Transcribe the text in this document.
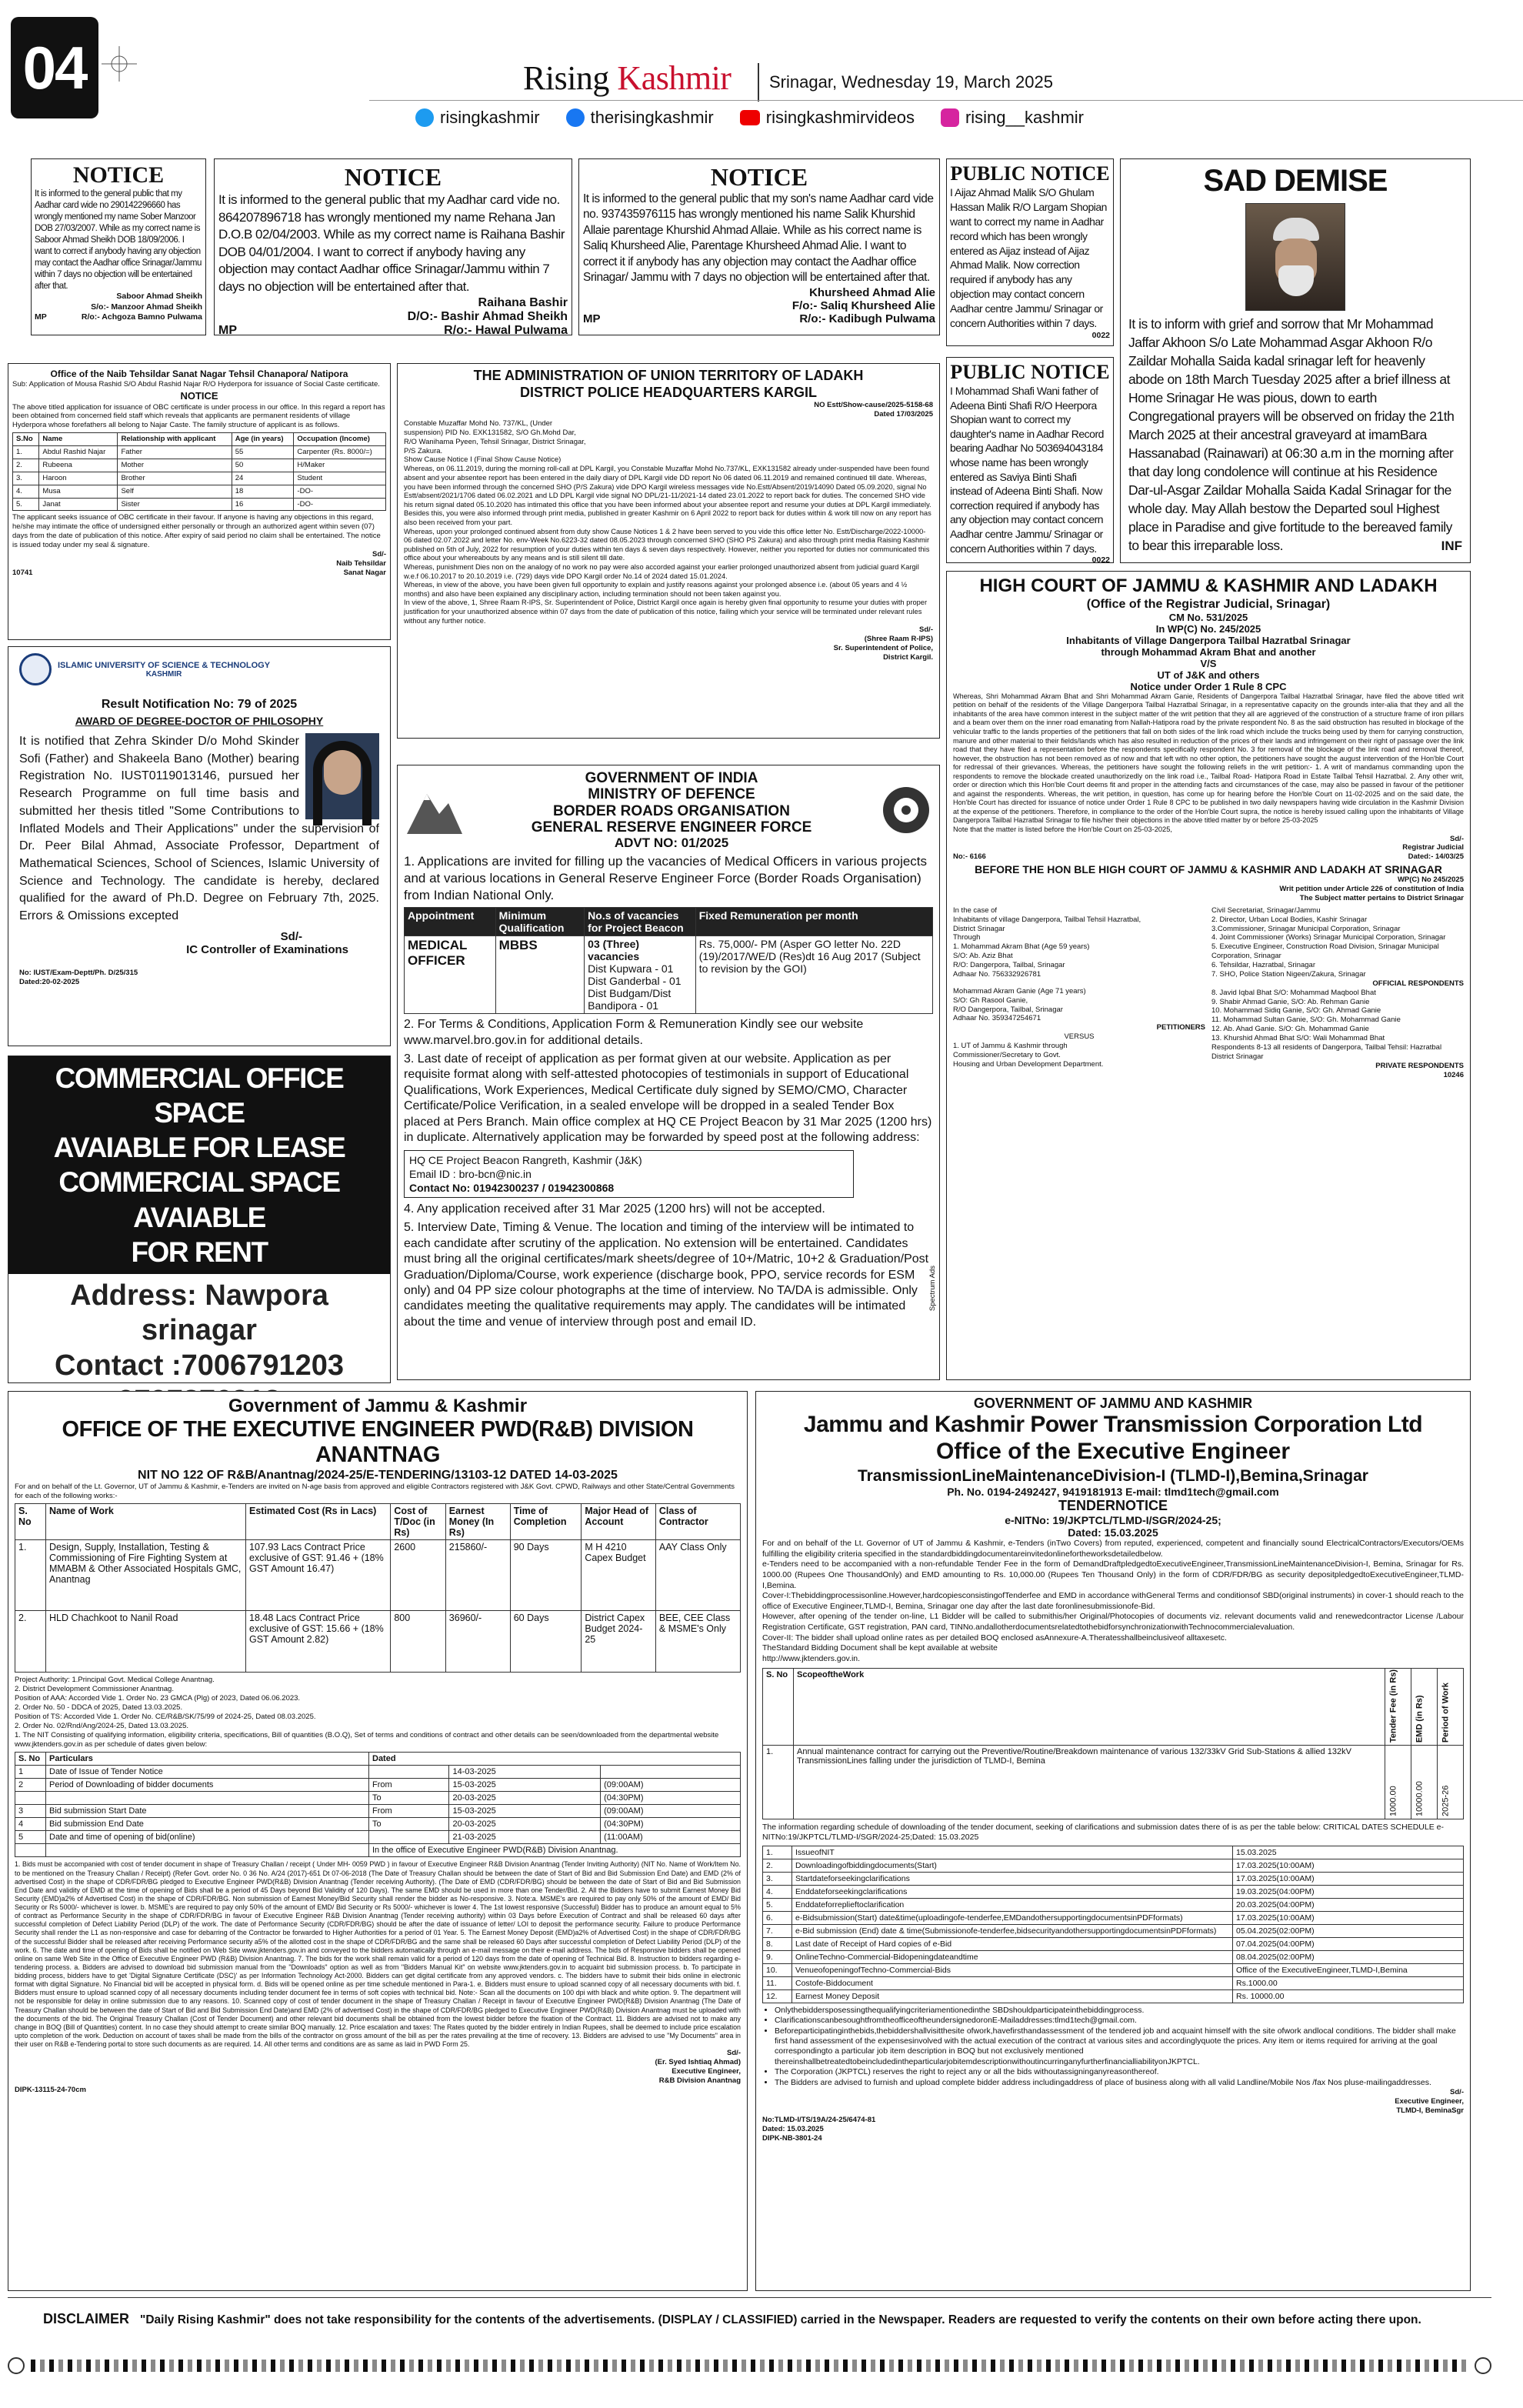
04	Rising Kashmir Srinagar, Wednesday 19, March 2025
risingkashmir	therisingkashmir	risingkashmirvideos	rising__kashmir
NOTICE
It is informed to the general public that my Aadhar card wide no 290142296660 has wrongly mentioned my name Sober Manzoor DOB 27/03/2007. While as my correct name is Saboor Ahmad Sheikh DOB 18/09/2006. I want to correct if anybody having any objection may contact the Aadhar office Srinagar/Jammu within 7 days no objection will be entertained after that.
Saboor Ahmad Sheikh
S/o:- Manzoor Ahmad Sheikh
MP	R/o:- Achgoza Bamno Pulwama
NOTICE
It is informed to the general public that my Aadhar card vide no. 864207896718 has wrongly mentioned my name Rehana Jan D.O.B 02/04/2003. While as my correct name is Raihana Bashir DOB 04/01/2004. I want to correct if anybody having any objection may contact Aadhar office Srinagar/Jammu within 7 days no objection will be entertained after that.
Raihana Bashir
D/O:- Bashir Ahmad Sheikh
MP	R/o:- Hawal Pulwama
NOTICE
It is informed to the general public that my son's name Aadhar card vide no. 937435976115 has wrongly mentioned his name Salik Khurshid Allaie parentage Khurshid Ahmad Allaie. While as his correct name is Saliq Khursheed Alie, Parentage Khursheed Ahmad Alie. I want to correct it if anybody has any objection may contact the Aadhar office Srinagar/ Jammu with 7 days no objection will be entertained after that.
Khursheed Ahmad Alie
F/o:- Saliq Khursheed Alie
MP	R/o:- Kadibugh Pulwama
PUBLIC NOTICE
I Aijaz Ahmad Malik S/O Ghulam Hassan Malik R/O Largam Shopian want to correct my name in Aadhar record which has been wrongly entered as Aijaz instead of Aijaz Ahmad Malik. Now correction required if anybody has any objection may contact concern Aadhar centre Jammu/ Srinagar or concern Authorities within 7 days.
0022
PUBLIC NOTICE
I Mohammad Shafi Wani father of Adeena Binti Shafi R/O Heerpora Shopian want to correct my daughter's name in Aadhar Record bearing Aadhar No 503694043184 whose name has been wrongly entered as Saviya Binti Shafi instead of Adeena Binti Shafi. Now correction required if anybody has any objection may contact concern Aadhar centre Jammu/ Srinagar or concern Authorities within 7 days.
0022
SAD DEMISE
It is to inform with grief and sorrow that Mr Mohammad Jaffar Akhoon S/o Late Mohammad Asgar Akhoon R/o Zaildar Mohalla Saida kadal srinagar left for heavenly abode on 18th March Tuesday 2025 after a brief illness at Home Srinagar He was pious, down to earth Congregational prayers will be observed on friday the 21th March 2025 at their ancestral graveyard at imamBara Hassanabad (Rainawari) at 06:30 a.m in the morning after that day long condolence will continue at his Residence Dar-ul-Asgar Zaildar Mohalla Saida Kadal Srinagar for the whole day. May Allah bestow the Departed soul Highest place in Paradise and give fortitude to the bereaved family to bear this irreparable loss.	INF
Office of the Naib Tehsildar Sanat Nagar Tehsil Chanapora/ Natipora
Sub: Application of Mousa Rashid S/O Abdul Rashid Najar R/O Hyderpora for issuance of Social Caste certificate.
NOTICE
The above titled application for issuance of OBC certificate is under process in our office. In this regard a report has been obtained from concerned field staff which reveals that applicants are permanent residents of village Hyderpora whose forefathers all belong to Najar Caste. The family structure of applicant is as follows.
S.No	Name	Relationship with applicant	Age (in years)	Occupation (Income)
1.	Abdul Rashid Najar	Father	55	Carpenter (Rs. 8000/=)
2.	Rubeena	Mother	50	H/Maker
3.	Haroon	Brother	24	Student
4.	Musa	Self	18	-DO-
5.	Janat	Sister	16	-DO-
The applicant seeks issuance of OBC certificate in their favour. If anyone is having any objections in this regard, he/she may intimate the office of undersigned either personally or through an authorized agent within seven (07) days from the date of publication of this notice. After expiry of said period no claim shall be entertained. The notice is issued today under my seal & signature.
Sd/-
Naib Tehsildar
10741	Sanat Nagar
ISLAMIC UNIVERSITY OF SCIENCE & TECHNOLOGY
KASHMIR
Result Notification No: 79 of 2025
AWARD OF DEGREE-DOCTOR OF PHILOSOPHY
It is notified that Zehra Skinder D/o Mohd Skinder Sofi (Father) and Shakeela Bano (Mother) bearing Registration No. IUST0119013146, pursued her Research Programme on full time basis and submitted her thesis titled "Some Contributions to Inflated Models and Their Applications" under the supervision of Dr. Peer Bilal Ahmad, Associate Professor, Department of Mathematical Sciences, School of Sciences, Islamic University of Science and Technology. The candidate is hereby, declared qualified for the award of Ph.D. Degree on February 7th, 2025. Errors & Omissions excepted
Sd/-
IC Controller of Examinations
No: IUST/Exam-Deptt/Ph. D/25/315
Dated:20-02-2025
COMMERCIAL OFFICE SPACE
AVAIABLE FOR LEASE
COMMERCIAL SPACE AVAIABLE
FOR RENT
Address: Nawpora
srinagar
Contact :7006791203
THE ADMINISTRATION OF UNION TERRITORY OF LADAKH
DISTRICT POLICE HEADQUARTERS KARGIL
NO Estt/Show-cause/2025-5158-68
Dated 17/03/2025
Constable Muzaffar Mohd No. 737/KL, (Under suspension) PID No. EXK131582, S/O Gh.Mohd Dar, R/O Wanihama Pyeen, Tehsil Srinagar, District Srinagar, P/S Zakura.
Show Cause Notice I (Final Show Cause Notice)
Whereas, on 06.11.2019, during the morning roll-call at DPL Kargil, you Constable Muzaffar Mohd No.737/KL, EXK131582 already under-suspended have been found absent and your absentee report has been entered in the daily diary of DPL Kargil vide DD report No 06 dated 06.11.2019 and remained continued till date. Whereas, you have been informed through the concerned SHO (P/S Zakura) vide DPO Kargil wireless messages vide No.Estt/Absent/2019/14090 Dated 05.09.2020, signal No Estt/absent/2021/1706 dated 06.02.2021 and LD DPL Kargil vide signal NO DPL/21-11/2021-14 dated 23.01.2022 to report back for duties. The concerned SHO vide his return signal dated 05.10.2020 has intimated this office that you have been informed about your absentee report and resume your duties at DPL Kargil immediately. Besides this, you were also informed through print media, published in greater Kashmir on 6 April 2022 to report back for duties within & work till now on any report has also been received from your part.
Whereas, upon your prolonged continued absent from duty show Cause Notices 1 & 2 have been served to you vide this office letter No. Estt/Discharge/2022-10000-06 dated 02.07.2022 and letter No. env-Week No.6223-32 dated 08.05.2023 through concerned SHO (SHO PS Zakura) and also through print media Raising Kashmir published on 5th of July, 2022 for resumption of your duties within ten days & seven days respectively. However, neither you reported for duties nor communicated this office about your whereabouts by any means and is still silent till date.
Whereas, punishment Dies non on the analogy of no work no pay were also accorded against your earlier prolonged unauthorized absent from judicial guard Kargil w.e.f 06.10.2017 to 20.10.2019 i.e. (729) days vide DPO Kargil order No.14 of 2024 dated 15.01.2024.
Whereas, in view of the above, you have been given full opportunity to explain and justify reasons against your prolonged absence i.e. (about 05 years and 4 ½ months) and also have been explained any disciplinary action, including termination should not been taken against you.
In view of the above, 1, Shree Raam R-IPS, Sr. Superintendent of Police, District Kargil once again is hereby given final opportunity to resume your duties with proper justification for your unauthorized absence within 07 days from the date of publication of this notice, failing which your service will be terminated under relevant rules without any further notice.
Sd/-
(Shree Raam R-IPS)
Sr. Superintendent of Police,
District Kargil.
GOVERNMENT OF INDIA
MINISTRY OF DEFENCE
BORDER ROADS ORGANISATION
GENERAL RESERVE ENGINEER FORCE
ADVT NO: 01/2025
1. Applications are invited for filling up the vacancies of Medical Officers in various projects and at various locations in General Reserve Engineer Force (Border Roads Organisation) from Indian National Only.
Appointment	Minimum Qualification	No.s of vacancies for Project Beacon	Fixed Remuneration per month
MEDICAL OFFICER	MBBS	03 (Three) vacancies
Dist Kupwara - 01
Dist Ganderbal - 01
Dist Budgam/Dist Bandipora - 01	Rs. 75,000/- PM (Asper GO letter No. 22D (19)/2017/WE/D (Res)dt 16 Aug 2017 (Subject to revision by the GOI)
2. For Terms & Conditions, Application Form & Remuneration Kindly see our website www.marvel.bro.gov.in for additional details.
3. Last date of receipt of application as per format given at our website. Application as per requisite format along with self-attested photocopies of testimonials in support of Educational Qualifications, Work Experiences, Medical Certificate duly signed by SEMO/CMO, Character Certificate/Police Verification, in a sealed envelope will be dropped in a sealed Tender Box placed at Pers Branch. Main office complex at HQ CE Project Beacon by 31 Mar 2025 (1200 hrs) in duplicate. Alternatively application may be forwarded by speed post at the following address:
HQ CE Project Beacon Rangreth, Kashmir (J&K)
Email ID : bro-bcn@nic.in
Contact No: 01942300237 / 01942300868
4. Any application received after 31 Mar 2025 (1200 hrs) will not be accepted.
5. Interview Date, Timing & Venue. The location and timing of the interview will be intimated to each candidate after scrutiny of the application. No extension will be entertained. Candidates must bring all the original certificates/mark sheets/degree of 10+/Matric, 10+2 & Graduation/Post Graduation/Diploma/Course, work experience (discharge book, PPO, service records for ESM only) and 04 PP size colour photographs at the time of interview. No TA/DA is admissible. Only candidates meeting the qualitative requirements may apply. The candidates will be intimated about the time and venue of interview through post and email ID.
Spectrum Ads
HIGH COURT OF JAMMU & KASHMIR AND LADAKH
(Office of the Registrar Judicial, Srinagar)
CM No. 531/2025
In WP(C) No. 245/2025
Inhabitants of Village Dangerpora Tailbal Hazratbal Srinagar
through Mohammad Akram Bhat and another
V/S
UT of J&K and others
Notice under Order 1 Rule 8 CPC
Whereas, Shri Mohammad Akram Bhat and Shri Mohammad Akram Ganie, Residents of Dangerpora Tailbal Hazratbal Srinagar, have filed the above titled writ petition on behalf of the residents of the Village Dangerpora Tailbal Hazratbal Srinagar, in a representative capacity on the grounds inter-alia that they and all the inhabitants of the area have common interest in the subject matter of the writ petition that they all are aggrieved of the construction of a structure frame of iron pillars and a beam over them on the inner road emanating from Nallah-Hatipora road by the private respondent No. 8 as the said obstruction has resulted in blockage of the vehicular traffic to the lands properties of the petitioners that fall on both sides of the link road which include the trucks being used by them for carrying construction, manure and other material to their fields/lands which has also resulted in reduction of the prices of their lands and infringement on their right of passage over the link road that they have filed a representation before the respondents specifically respondent No. 3 for removal of the blockage of the link road and removal thereof, however, the obstruction has not been removed as of now and that left with no other option, the petitioners have sought the august intervention of the Hon'ble Court for redressal of their grievances. Whereas, the petitioners have sought the following reliefs in the writ petition:- 1. A writ of mandamus commanding upon the respondents to remove the blockade created unauthorizedly on the link road i.e., Tailbal Road- Hatipora Road in Estate Tailbal Tehsil Hazratbal. 2. Any other writ, order or direction which this Hon'ble Court deems fit and proper in the attending facts and circumstances of the case, may also be passed in favour of the petitioner and against the respondents. Whereas, the writ petition, in question, has come up for hearing before the Hon'ble Court on 11-02-2025 and on the said date, the Hon'ble Court has directed for issuance of notice under Order 1 Rule 8 CPC to be published in two daily newspapers having wide circulation in the Kashmir Division at the expense of the petitioners. Therefore, in compliance to the order of the Hon'ble Court supra, the notice is hereby issued calling upon the inhabitants of Village Dangerpora Tailbal Hazratbal Srinagar to file his/her their objections in the above titled matter by or before 25-03-2025
Note that the matter is listed before the Hon'ble Court on 25-03-2025,
Sd/-
Registrar Judicial
No:- 6166	Dated:- 14/03/25
BEFORE THE HON BLE HIGH COURT OF JAMMU & KASHMIR AND LADAKH AT SRINAGAR
WP(C) No 245/2025
Writ petition under Article 226 of constitution of India
The Subject matter pertains to District Srinagar
In the case of
Inhabitants of village Dangerpora, Tailbal Tehsil Hazratbal,
District Srinagar
Through
1. Mohammad Akram Bhat (Age 59 years)
S/O: Ab. Aziz Bhat
R/O: Dangerpora, Tailbal, Srinagar
Adhaar No. 756332926781
Mohammad Akram Ganie (Age 71 years)
S/O: Gh Rasool Ganie,
R/O Dangerpora, Tailbal, Srinagar
Adhaar No. 359347254671
PETITIONERS
VERSUS
1. UT of Jammu & Kashmir through
Commissioner/Secretary to Govt.
Housing and Urban Development Department.
Civil Secretariat, Srinagar/Jammu
2. Director, Urban Local Bodies, Kashir Srinagar
3.Commissioner, Srinagar Municipal Corporation, Srinagar
4. Joint Commissioner (Works) Srinagar Municipal Corporation, Srinagar
5. Executive Engineer, Construction Road Division, Srinagar Municipal Corporation, Srinagar
6. Tehsildar, Hazratbal, Srinagar
7. SHO, Police Station Nigeen/Zakura, Srinagar
OFFICIAL RESPONDENTS
8. Javid Iqbal Bhat S/O: Mohammad Maqbool Bhat
9. Shabir Ahmad Ganie, S/O: Ab. Rehman Ganie
10. Mohammad Sidiq Ganie, S/O: Gh. Ahmad Ganie
11. Mohammad Sultan Ganie, S/O: Gh. Mohammad Ganie
12. Ab. Ahad Ganie. S/O: Gh. Mohammad Ganie
13. Khurshid Ahmad Bhat S/O: Wali Mohammad Bhat
Respondents 8-13 all residents of Dangerpora, Tailbal Tehsil: Hazratbal
District Srinagar
PRIVATE RESPONDENTS
10246
Government of Jammu & Kashmir
OFFICE OF THE EXECUTIVE ENGINEER PWD(R&B) DIVISION ANANTNAG
NIT NO 122 OF R&B/Anantnag/2024-25/E-TENDERING/13103-12 DATED 14-03-2025
For and on behalf of the Lt. Governor, UT of Jammu & Kashmir, e-Tenders are invited on N-age basis from approved and eligible Contractors registered with J&K Govt. CPWD, Railways and other State/Central Governments for each of the following works:-
S. No	Name of Work	Estimated Cost (Rs in Lacs)	Cost of T/Doc (in Rs)	Earnest Money (In Rs)	Time of Completion	Major Head of Account	Class of Contractor
1.	Design, Supply, Installation, Testing & Commissioning of Fire Fighting System at MMABM & Other Associated Hospitals GMC, Anantnag	107.93 Lacs Contract Price exclusive of GST: 91.46 + (18% GST Amount 16.47)	2600	215860/-	90 Days	M H 4210 Capex Budget	AAY Class Only
2.	HLD Chachkoot to Nanil Road	18.48 Lacs Contract Price exclusive of GST: 15.66 + (18% GST Amount 2.82)	800	36960/-	60 Days	District Capex Budget 2024-25	BEE, CEE Class & MSME's Only
Project Authority: 1.Principal Govt. Medical College Anantnag.
2. District Development Commissioner Anantnag.
Position of AAA: Accorded Vide 1. Order No. 23 GMCA (Plg) of 2023, Dated 06.06.2023.
2. Order No. 50 - DDCA of 2025, Dated 13.03.2025.
Position of TS: Accorded Vide 1. Order No. CE/R&B/SK/75/99 of 2024-25, Dated 08.03.2025.
2. Order No. 02/Rnd/Ang/2024-25, Dated 13.03.2025.
1. The NIT Consisting of qualifying information, eligibility criteria, specifications, Bill of quantities (B.O.Q), Set of terms and conditions of contract and other details can be seen/downloaded from the departmental website www.jktenders.gov.in as per schedule of dates given below:
S. No	Particulars	Dated		
1	Date of Issue of Tender Notice		14-03-2025	
2	Period of Downloading of bidder documents	From	15-03-2025	(09:00AM)
		To	20-03-2025	(04:30PM)
3	Bid submission Start Date	From	15-03-2025	(09:00AM)
4	Bid submission End Date	To	20-03-2025	(04:30PM)
5	Date and time of opening of bid(online)		21-03-2025	(11:00AM)
		In the office of Executive Engineer PWD(R&B) Division Anantnag.		
1. Bids must be accompanied with cost of tender document in shape of Treasury Challan / receipt ( Under MH- 0059 PWD ) in favour of Executive Engineer R&B Division Anantnag (Tender Inviting Authority) (NIT No. Name of Work/Item No. to be mentioned on the Treasury Challan / Receipt) (Refer Govt. order No. 0 36 No. A/24 (2017)-651 Dt 07-06-2018 (The Date of Treasury Challan should be between the date of Start of Bid and Bid Submission End Date) and EMD (2% of advertised Cost) in the shape of CDR/FDR/BG pledged to Executive Engineer PWD(R&B) Division Anantnag (Tender receiving Authority). (The Date of EMD (CDR/FDR/BG) should be between the date of Start of Bid and Bid Submission End Date and validity of EMD at the time of opening of Bids shall be a period of 45 Days beyond Bid Validity of 120 Days). The same EMD should be used in more than one Tender/Bid. 2. All the Bidders have to submit Earnest Money Bid Security (EMD)a2% of Advertised Cost) in the shape of CDR/FDR/BG. Non submission of Earnest Money/Bid Security shall render the bidder as No-responsive. 3. Note:a. MSME's are required to pay only 50% of the amount of EMD/ Bid Security or Rs 5000/- whichever is lower. b. MSME's are required to pay only 50% of the amount of EMD/ Bid Security or Rs 5000/- whichever is lower 4. The 1st lowest responsive (Successful) Bidder has to produce an amount equal to 5% of contract as Performance Security in the shape of CDR/FDR/BG in favour of Executive Engineer R&B Division Anantnag (Tender receiving authority) within 03 Days before Execution of Contract and shall be released 60 days after successful completion of Defect Liability Period (DLP) of the work. The date of Performance Security (CDR/FDR/BG) should be after the date of issuance of letter/ LOI to deposit the performance security. Failure to produce Performance Security shall render the L1 as non-responsive and case for debarring of the Contractor be forwarded to Higher Authorities for a period of 01 Year. 5. The Earnest Money Deposit (EMD)a2% of Advertised Cost) in the shape of CDR/FDR/BG of the successful Bidder shall be released after receiving Performance security a5% of the allotted cost in the shape of CDR/FDR/BG and the same shall be released 60 Days after successful completion of Defect Liability Period (DLP) of the work. 6. The date and time of opening of Bids shall be notified on Web Site www.jktenders.gov.in and conveyed to the bidders automatically through an e-mail message on their e-mail address. The bids of Responsive bidders shall be opened online on same Web Site in the Office of Executive Engineer PWD (R&B) Division Anantnag. 7. The bids for the work shall remain valid for a period of 120 days from the date of opening of Technical Bid. 8. Instruction to bidders regarding e-tendering process. a. Bidders are advised to download bid submission manual from the "Downloads" option as well as from "Bidders Manual Kit" on website www.jktenders.gov.in to acquaint bid submission process. b. To participate in bidding process, bidders have to get 'Digital Signature Certificate (DSC)' as per Information Technology Act-2000. Bidders can get digital certificate from any approved vendors. c. The bidders have to submit their bids online in electronic format with digital Signature. No Financial bid will be accepted in physical form. d. Bids will be opened online as per time schedule mentioned in Para-1. e. Bidders must ensure to upload scanned copy of all necessary documents with bid. f. Bidders must ensure to upload scanned copy of all necessary documents including tender document fee in terms of soft copies with technical bid. Note:- Scan all the documents on 100 dpi with black and white option. 9. The department will not be responsible for delay in online submission due to any reasons. 10. Scanned copy of cost of tender document in the shape of Treasury Challan / Receipt in favour of Executive Engineer PWD(R&B) Division Anantnag (The Date of Treasury Challan should be between the date of Start of Bid and Bid Submission End Date)and EMD (2% of advertised Cost) in the shape of CDR/FDR/BG pledged to Executive Engineer PWD(R&B) Division Anantnag must be uploaded with the documents of the bid. The Original Treasury Challan (Cost of Tender Document) and other relevant bid documents shall be obtained from the lowest bidder before the fixation of the Contract. 11. Bidders are advised not to make any change in BOQ (Bill of Quantities) content. In no case they should attempt to create similar BOQ manually. 12. Price escalation and taxes: The Rates quoted by the bidder entirely in Indian Rupees, shall be deemed to include price escalation upto completion of the work. Deduction on account of taxes shall be made from the bills of the contractor on gross amount of the bill as per the rates prevailing at the time of recovery. 13. Bidders are advised to use "My Documents" area in their user on R&B e-Tendering portal to store such documents as are required. 14. All other terms and conditions are as same as laid in PWD Form 25.
Sd/-
(Er. Syed Ishtiaq Ahmad)
Executive Engineer,
R&B Division Anantnag
DIPK-13115-24-70cm
GOVERNMENT OF JAMMU AND KASHMIR
Jammu and Kashmir Power Transmission Corporation Ltd
Office of the Executive Engineer
TransmissionLineMaintenanceDivision-I (TLMD-I),Bemina,Srinagar
Ph. No. 0194-2492427, 9419181913 E-mail: tlmd1tech@gmail.com
TENDERNOTICE
e-NITNo: 19/JKPTCL/TLMD-I/SGR/2024-25;
Dated: 15.03.2025
For and on behalf of the Lt. Governor of UT of Jammu & Kashmir, e-Tenders (inTwo Covers) from reputed, experienced, competent and financially sound ElectricalContractors/Executors/OEMs fulfilling the eligibility criteria specified in the standardbiddingdocumentareinvitedonlinefortheworksdetailedbelow.
e-Tenders need to be accompanied with a non-refundable Tender Fee in the form of DemandDraftpledgedtoExecutiveEngineer,TransmissionLineMaintenanceDivision-I, Bemina, Srinagar for Rs. 1000.00 (Rupees One ThousandOnly) and EMD amounting to Rs. 10,000.00 (Rupees Ten Thousand Only) in the form of CDR/FDR/BG as security depositpledgedtoExecutiveEngineer,TLMD-I,Bemina.
Cover-I:Thebiddingprocessisonline.However,hardcopiesconsistingofTenderfee and EMD in accordance withGeneral Terms and conditionsof SBD(original instruments) in cover-1 should reach to the office of Executive Engineer,TLMD-I, Bemina, Srinagar one day after the last date foronlinesubmissionofe-Bid.
However, after opening of the tender on-line, L1 Bidder will be called to submithis/her Original/Photocopies of documents viz. relevant documents valid and renewedcontractor License /Labour Registration Certificate, GST registration, PAN card, TINNo.andallotherdocumentsrelatedtothebidforsynchronizationwithTechnocommercialevaluation.
Cover-II: The bidder shall upload online rates as per detailed BOQ enclosed asAnnexure-A.Theratesshallbeinclusiveof alltaxesetc.
TheStandard Bidding Document shall be kept available at website
http://www.jktenders.gov.in.
S. No	ScopeoftheWork	Tender Fee (in Rs)	EMD (in Rs)	Period of Work
1.	Annual maintenance contract for carrying out the Preventive/Routine/Breakdown maintenance of various 132/33kV Grid Sub-Stations & allied 132kV TransmissionLines falling under the jurisdiction of TLMD-I, Bemina	1000.00	10000.00	2025-26
The information regarding schedule of downloading of the tender document, seeking of clarifications and submission dates there of is as per the table below: CRITICAL DATES SCHEDULE e-NITNo:19/JKPTCL/TLMD-I/SGR/2024-25;Dated: 15.03.2025
1.	IssueofNIT	15.03.2025
2.	Downloadingofbiddingdocuments(Start)	17.03.2025(10:00AM)
3.	Startdateforseekingclarifications	17.03.2025(10:00AM)
4.	Enddateforseekingclarifications	19.03.2025(04:00PM)
5.	Enddateforreplieftoclarification	20.03.2025(04:00PM)
6.	e-Bidsubmission(Start) date&time(uploadingofe-tenderfee,EMDandothersupportingdocumentsinPDFformats)	17.03.2025(10:00AM)
7.	e-Bid submission (End) date & time(Submissionofe-tenderfee,bidsecurityandothersupportingdocumentsinPDFformats)	05.04.2025(02:00PM)
8.	Last date of Receipt of Hard copies of e-Bid	07.04.2025(04:00PM)
9.	OnlineTechno-Commercial-Bidopeningdateandtime	08.04.2025(02:00PM)
10.	VenueofopeningofTechno-Commercial-Bids	Office of the ExecutiveEngineer,TLMD-I,Bemina
11.	Costofe-Biddocument	Rs.1000.00
12.	Earnest Money Deposit	Rs. 10000.00
• Onlythebiddersposessingthequalifyingcriteriamentionedinthe SBDshouldparticipateinthebiddingprocess.
• ClarificationscanbesoughtfromtheofficeoftheundersignedoronE-Mailaddresses:tlmd1tech@gmail.com.
• Beforeparticipatinginthebids,thebiddershallvisitthesite ofwork,havefirsthandassessment of the tendered job and acquaint himself with the site ofwork andlocal conditions. The bidder shall make first hand assessment of the expensesinvolved with the actual execution of the contract at various sites and accordinglyquote the prices. Any item or items required for arriving at the goal correspondingto a particular job item description in BOQ but not exclusively mentioned thereinshallbetreatedtobeincludedintheparticularjobitemdescriptionwithoutincurringanyfurtherfinancialliabilityonJKPTCL.
• The Corporation (JKPTCL) reserves the right to reject any or all the bids withoutassigninganyreasonthereof.
• The Bidders are advised to furnish and upload complete bidder address includingaddress of place of business along with all valid Landline/Mobile Nos /fax Nos pluse-mailingaddresses.
Sd/-
Executive Engineer,
TLMD-I, BeminaSgr
No:TLMD-I/TS/19A/24-25/6474-81
Dated: 15.03.2025
DIPK-NB-3801-24
DISCLAIMER "Daily Rising Kashmir" does not take responsibility for the contents of the advertisements. (DISPLAY / CLASSIFIED) carried in the Newspaper. Readers are requested to verify the contents on their own before acting there upon.
